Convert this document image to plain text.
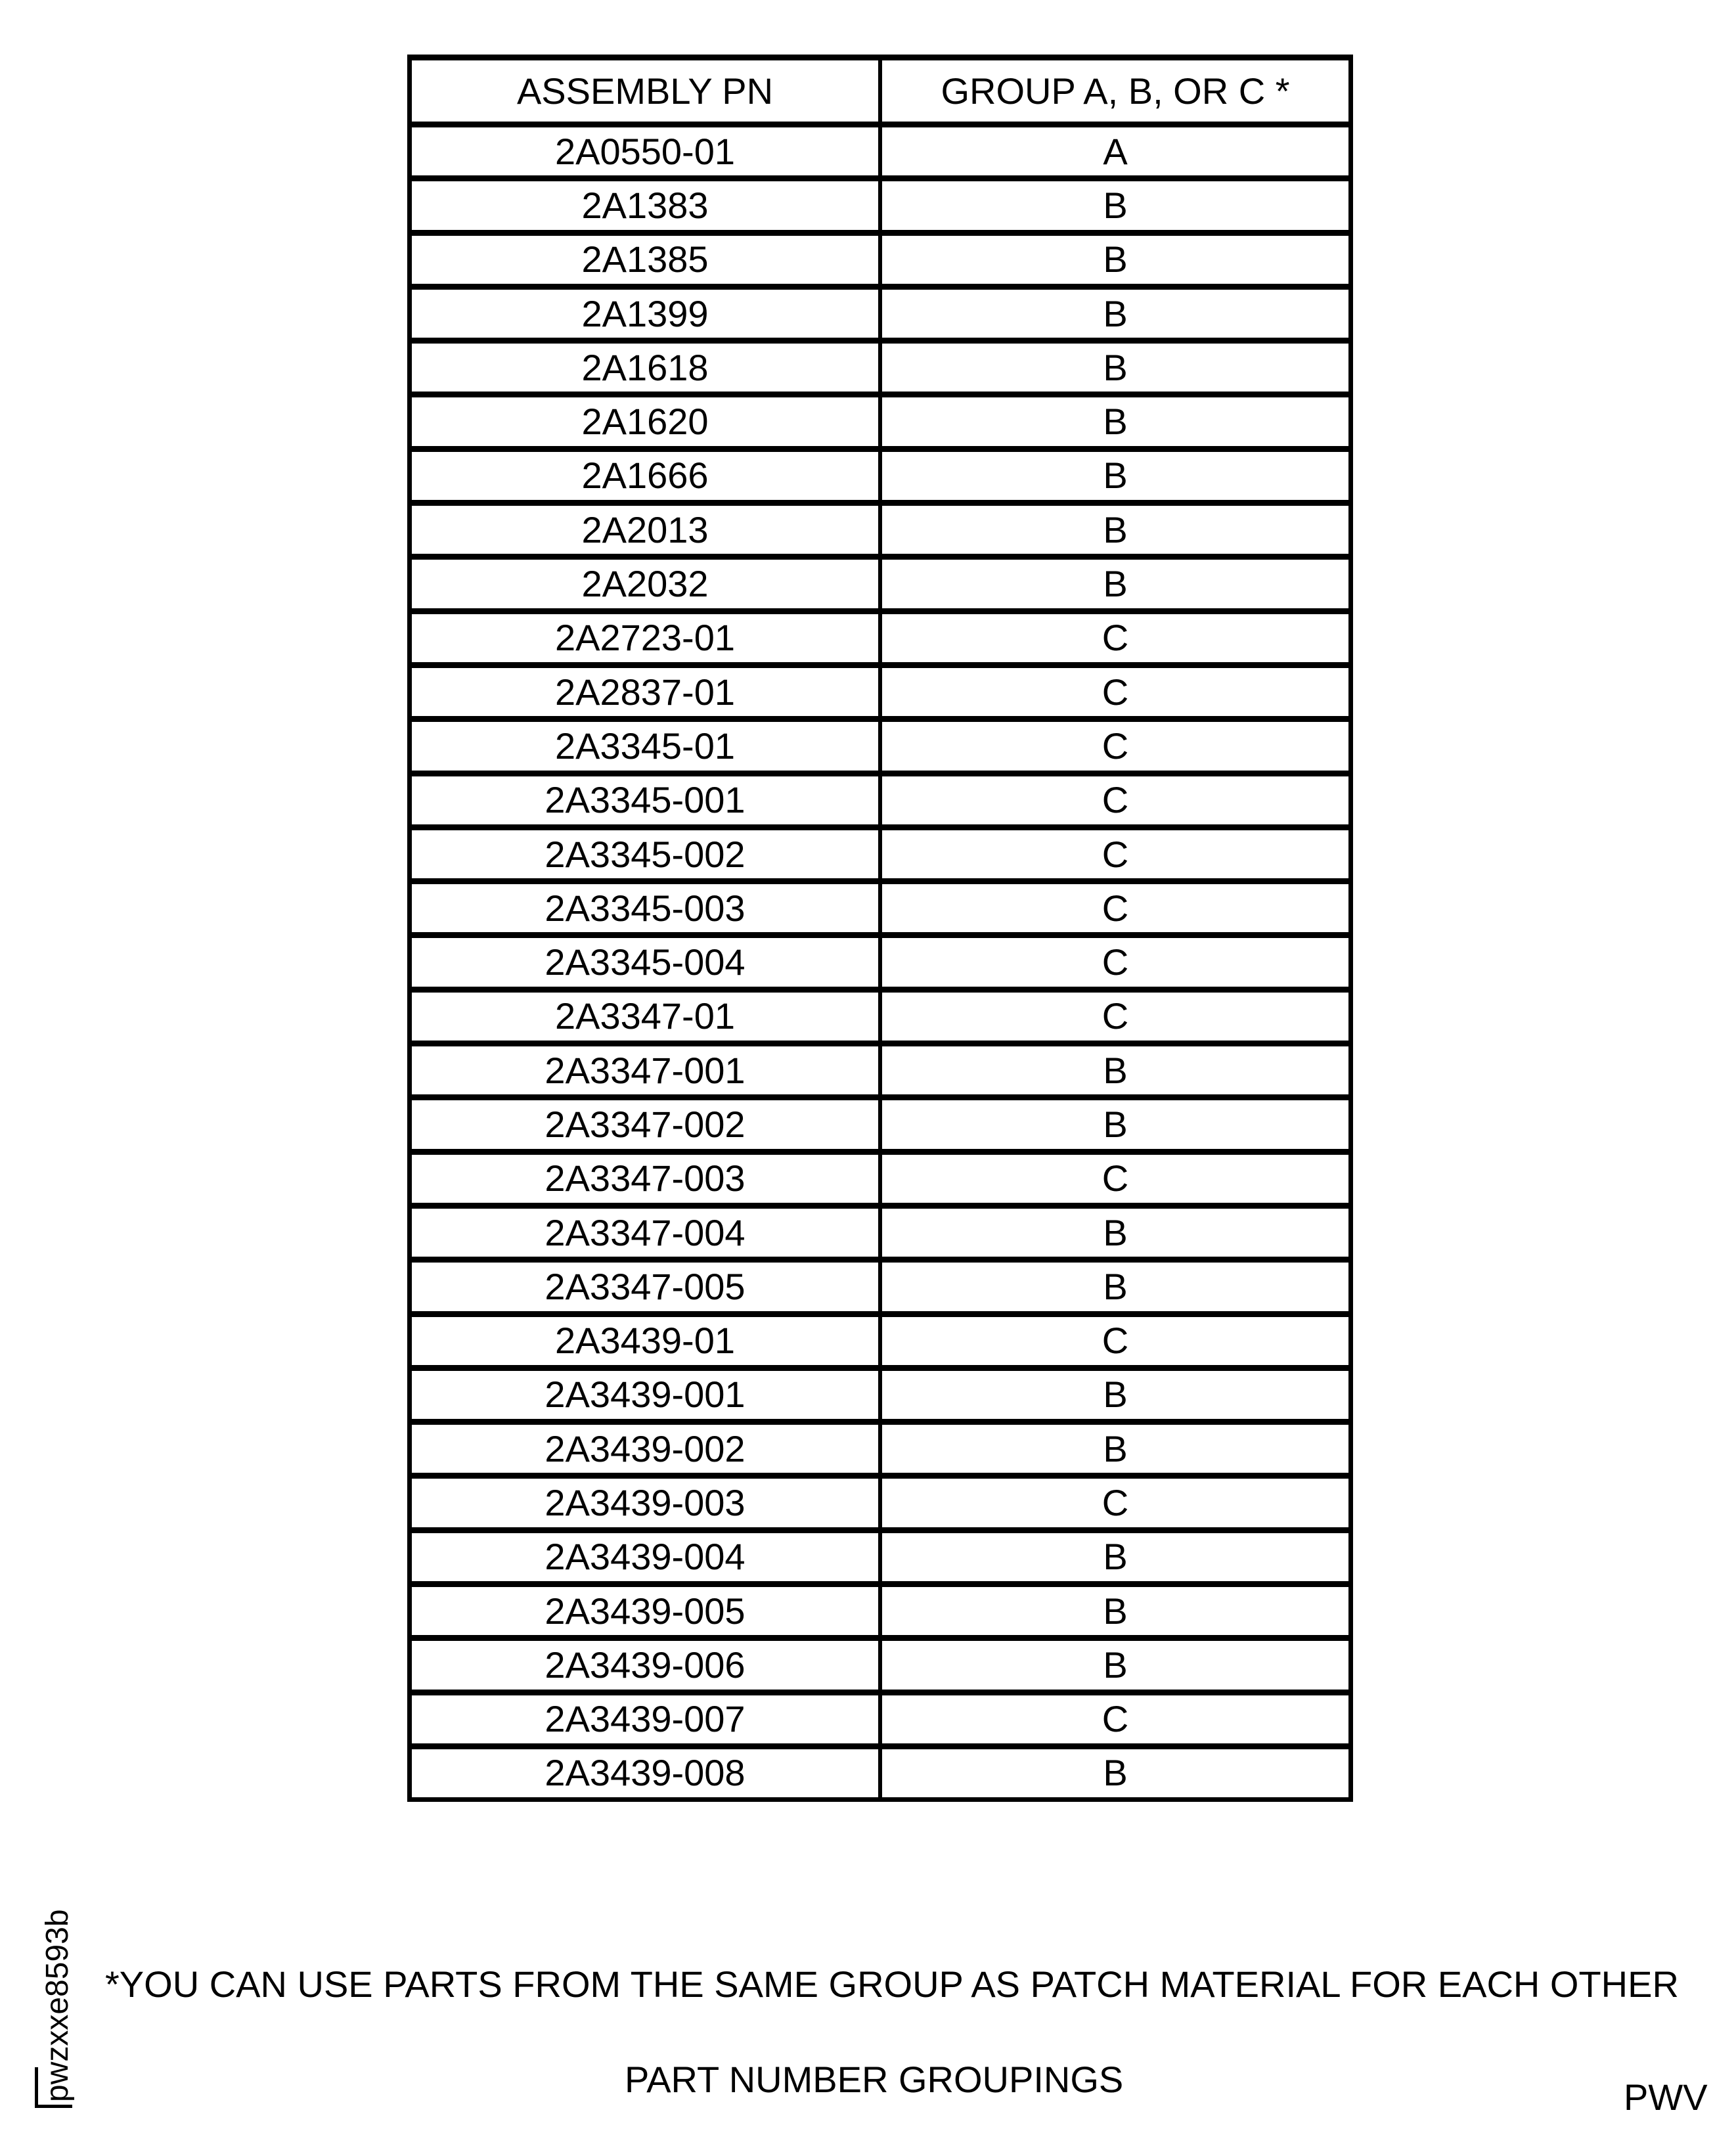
ASSEMBLY PN	GROUP A, B, OR C *
2A0550-01	A
2A1383	B
2A1385	B
2A1399	B
2A1618	B
2A1620	B
2A1666	B
2A2013	B
2A2032	B
2A2723-01	C
2A2837-01	C
2A3345-01	C
2A3345-001	C
2A3345-002	C
2A3345-003	C
2A3345-004	C
2A3347-01	C
2A3347-001	B
2A3347-002	B
2A3347-003	C
2A3347-004	B
2A3347-005	B
2A3439-01	C
2A3439-001	B
2A3439-002	B
2A3439-003	C
2A3439-004	B
2A3439-005	B
2A3439-006	B
2A3439-007	C
2A3439-008	B
*YOU CAN USE PARTS FROM THE SAME GROUP AS PATCH MATERIAL FOR EACH OTHER
PART NUMBER GROUPINGS	PWV
pwzxxe8593b
